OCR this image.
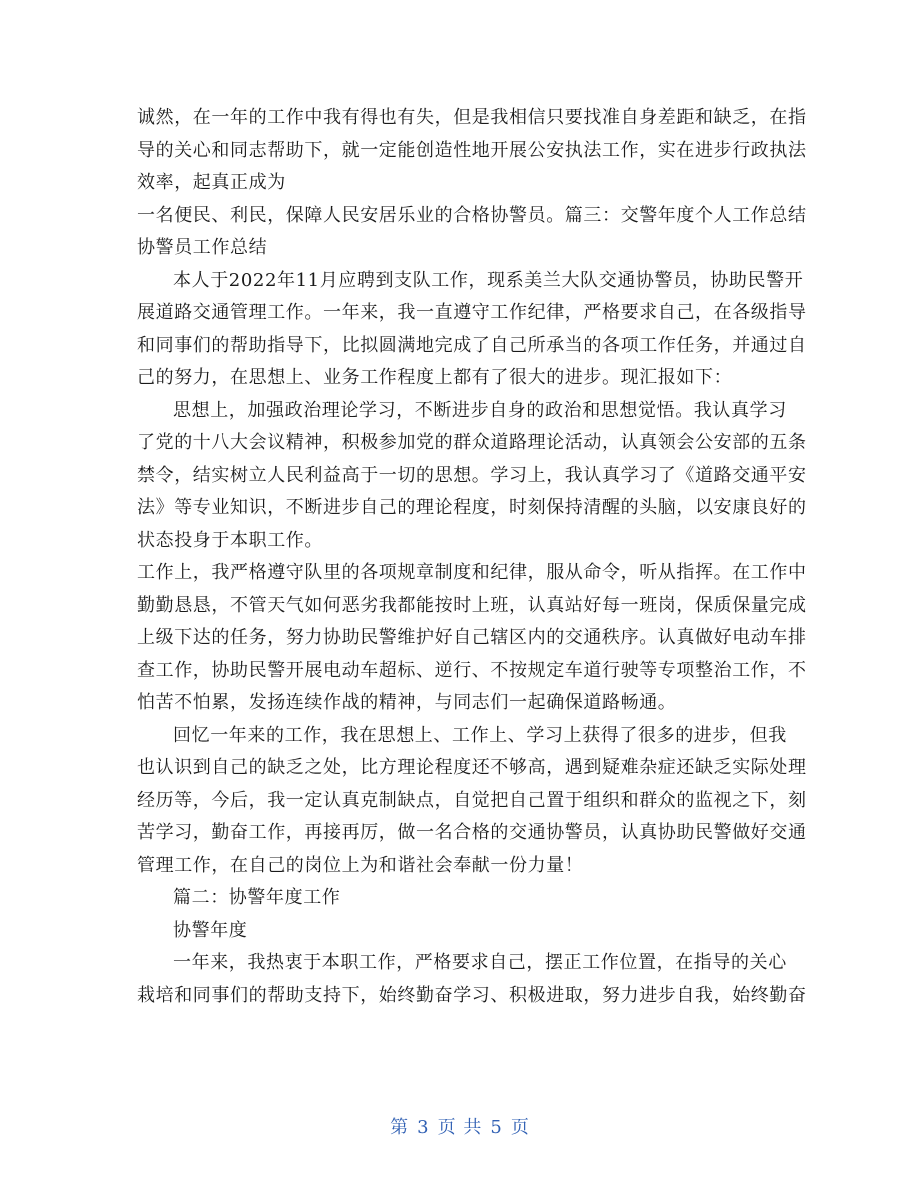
诚然，在一年的工作中我有得也有失，但是我相信只要找准自身差距和缺乏，在指

导的关心和同志帮助下，就一定能创造性地开展公安执法工作，实在进步行政执法

效率，起真正成为

一名便民、利民，保障人民安居乐业的合格协警员。篇三：交警年度个人工作总结

协警员工作总结

本人于2022年11月应聘到支队工作，现系美兰大队交通协警员，协助民警开

展道路交通管理工作。一年来，我一直遵守工作纪律，严格要求自己，在各级指导

和同事们的帮助指导下，比拟圆满地完成了自己所承当的各项工作任务，并通过自

己的努力，在思想上、业务工作程度上都有了很大的进步。现汇报如下：

思想上，加强政治理论学习，不断进步自身的政治和思想觉悟。我认真学习

了党的十八大会议精神，积极参加党的群众道路理论活动，认真领会公安部的五条

禁令，结实树立人民利益高于一切的思想。学习上，我认真学习了《道路交通平安

法》等专业知识，不断进步自己的理论程度，时刻保持清醒的头脑，以安康良好的

状态投身于本职工作。

工作上，我严格遵守队里的各项规章制度和纪律，服从命令，听从指挥。在工作中

勤勤恳恳，不管天气如何恶劣我都能按时上班，认真站好每一班岗，保质保量完成

上级下达的任务，努力协助民警维护好自己辖区内的交通秩序。认真做好电动车排

查工作，协助民警开展电动车超标、逆行、不按规定车道行驶等专项整治工作，不

怕苦不怕累，发扬连续作战的精神，与同志们一起确保道路畅通。

回忆一年来的工作，我在思想上、工作上、学习上获得了很多的进步，但我

也认识到自己的缺乏之处，比方理论程度还不够高，遇到疑难杂症还缺乏实际处理

经历等，今后，我一定认真克制缺点，自觉把自己置于组织和群众的监视之下，刻

苦学习，勤奋工作，再接再厉，做一名合格的交通协警员，认真协助民警做好交通

管理工作，在自己的岗位上为和谐社会奉献一份力量！

篇二：协警年度工作

协警年度

一年来，我热衷于本职工作，严格要求自己，摆正工作位置，在指导的关心

栽培和同事们的帮助支持下，始终勤奋学习、积极进取，努力进步自我，始终勤奋

第 3 页 共 5 页
